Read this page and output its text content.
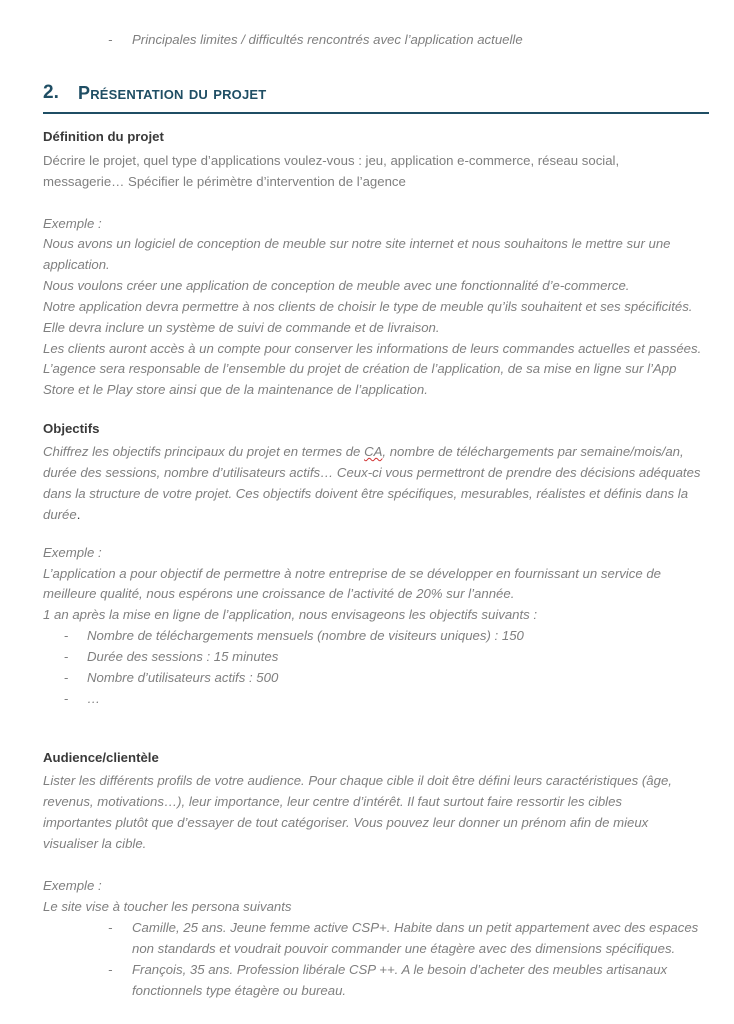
- Principales limites / difficultés rencontrés avec l’application actuelle
2. Présentation du projet
Définition du projet
Décrire le projet, quel type d’applications voulez-vous : jeu, application e-commerce, réseau social,
messagerie… Spécifier le périmètre d’intervention de l’agence
Exemple :
Nous avons un logiciel de conception de meuble sur notre site internet et nous souhaitons le mettre sur une
application.
Nous voulons créer une application de conception de meuble avec une fonctionnalité d’e-commerce.
Notre application devra permettre à nos clients de choisir le type de meuble qu’ils souhaitent et ses spécificités.
Elle devra inclure un système de suivi de commande et de livraison.
Les clients auront accès à un compte pour conserver les informations de leurs commandes actuelles et passées.
L’agence sera responsable de l’ensemble du projet de création de l’application, de sa mise en ligne sur l’App
Store et le Play store ainsi que de la maintenance de l’application.
Objectifs
Chiffrez les objectifs principaux du projet en termes de CA, nombre de téléchargements par semaine/mois/an,
durée des sessions, nombre d’utilisateurs actifs… Ceux-ci vous permettront de prendre des décisions adéquates
dans la structure de votre projet. Ces objectifs doivent être spécifiques, mesurables, réalistes et définis dans la
durée.
Exemple :
L’application a pour objectif de permettre à notre entreprise de se développer en fournissant un service de
meilleure qualité, nous espérons une croissance de l’activité de 20% sur l’année.
1 an après la mise en ligne de l’application, nous envisageons les objectifs suivants :
- Nombre de téléchargements mensuels (nombre de visiteurs uniques) : 150
- Durée des sessions : 15 minutes
- Nombre d’utilisateurs actifs : 500
- …
Audience/clientèle
Lister les différents profils de votre audience. Pour chaque cible il doit être défini leurs caractéristiques (âge,
revenus, motivations…), leur importance, leur centre d’intérêt. Il faut surtout faire ressortir les cibles
importantes plutôt que d’essayer de tout catégoriser. Vous pouvez leur donner un prénom afin de mieux
visualiser la cible.
Exemple :
Le site vise à toucher les persona suivants
- Camille, 25 ans. Jeune femme active CSP+. Habite dans un petit appartement avec des espaces
non standards et voudrait pouvoir commander une étagère avec des dimensions spécifiques.
- François, 35 ans. Profession libérale CSP ++. A le besoin d’acheter des meubles artisanaux
fonctionnels type étagère ou bureau.
